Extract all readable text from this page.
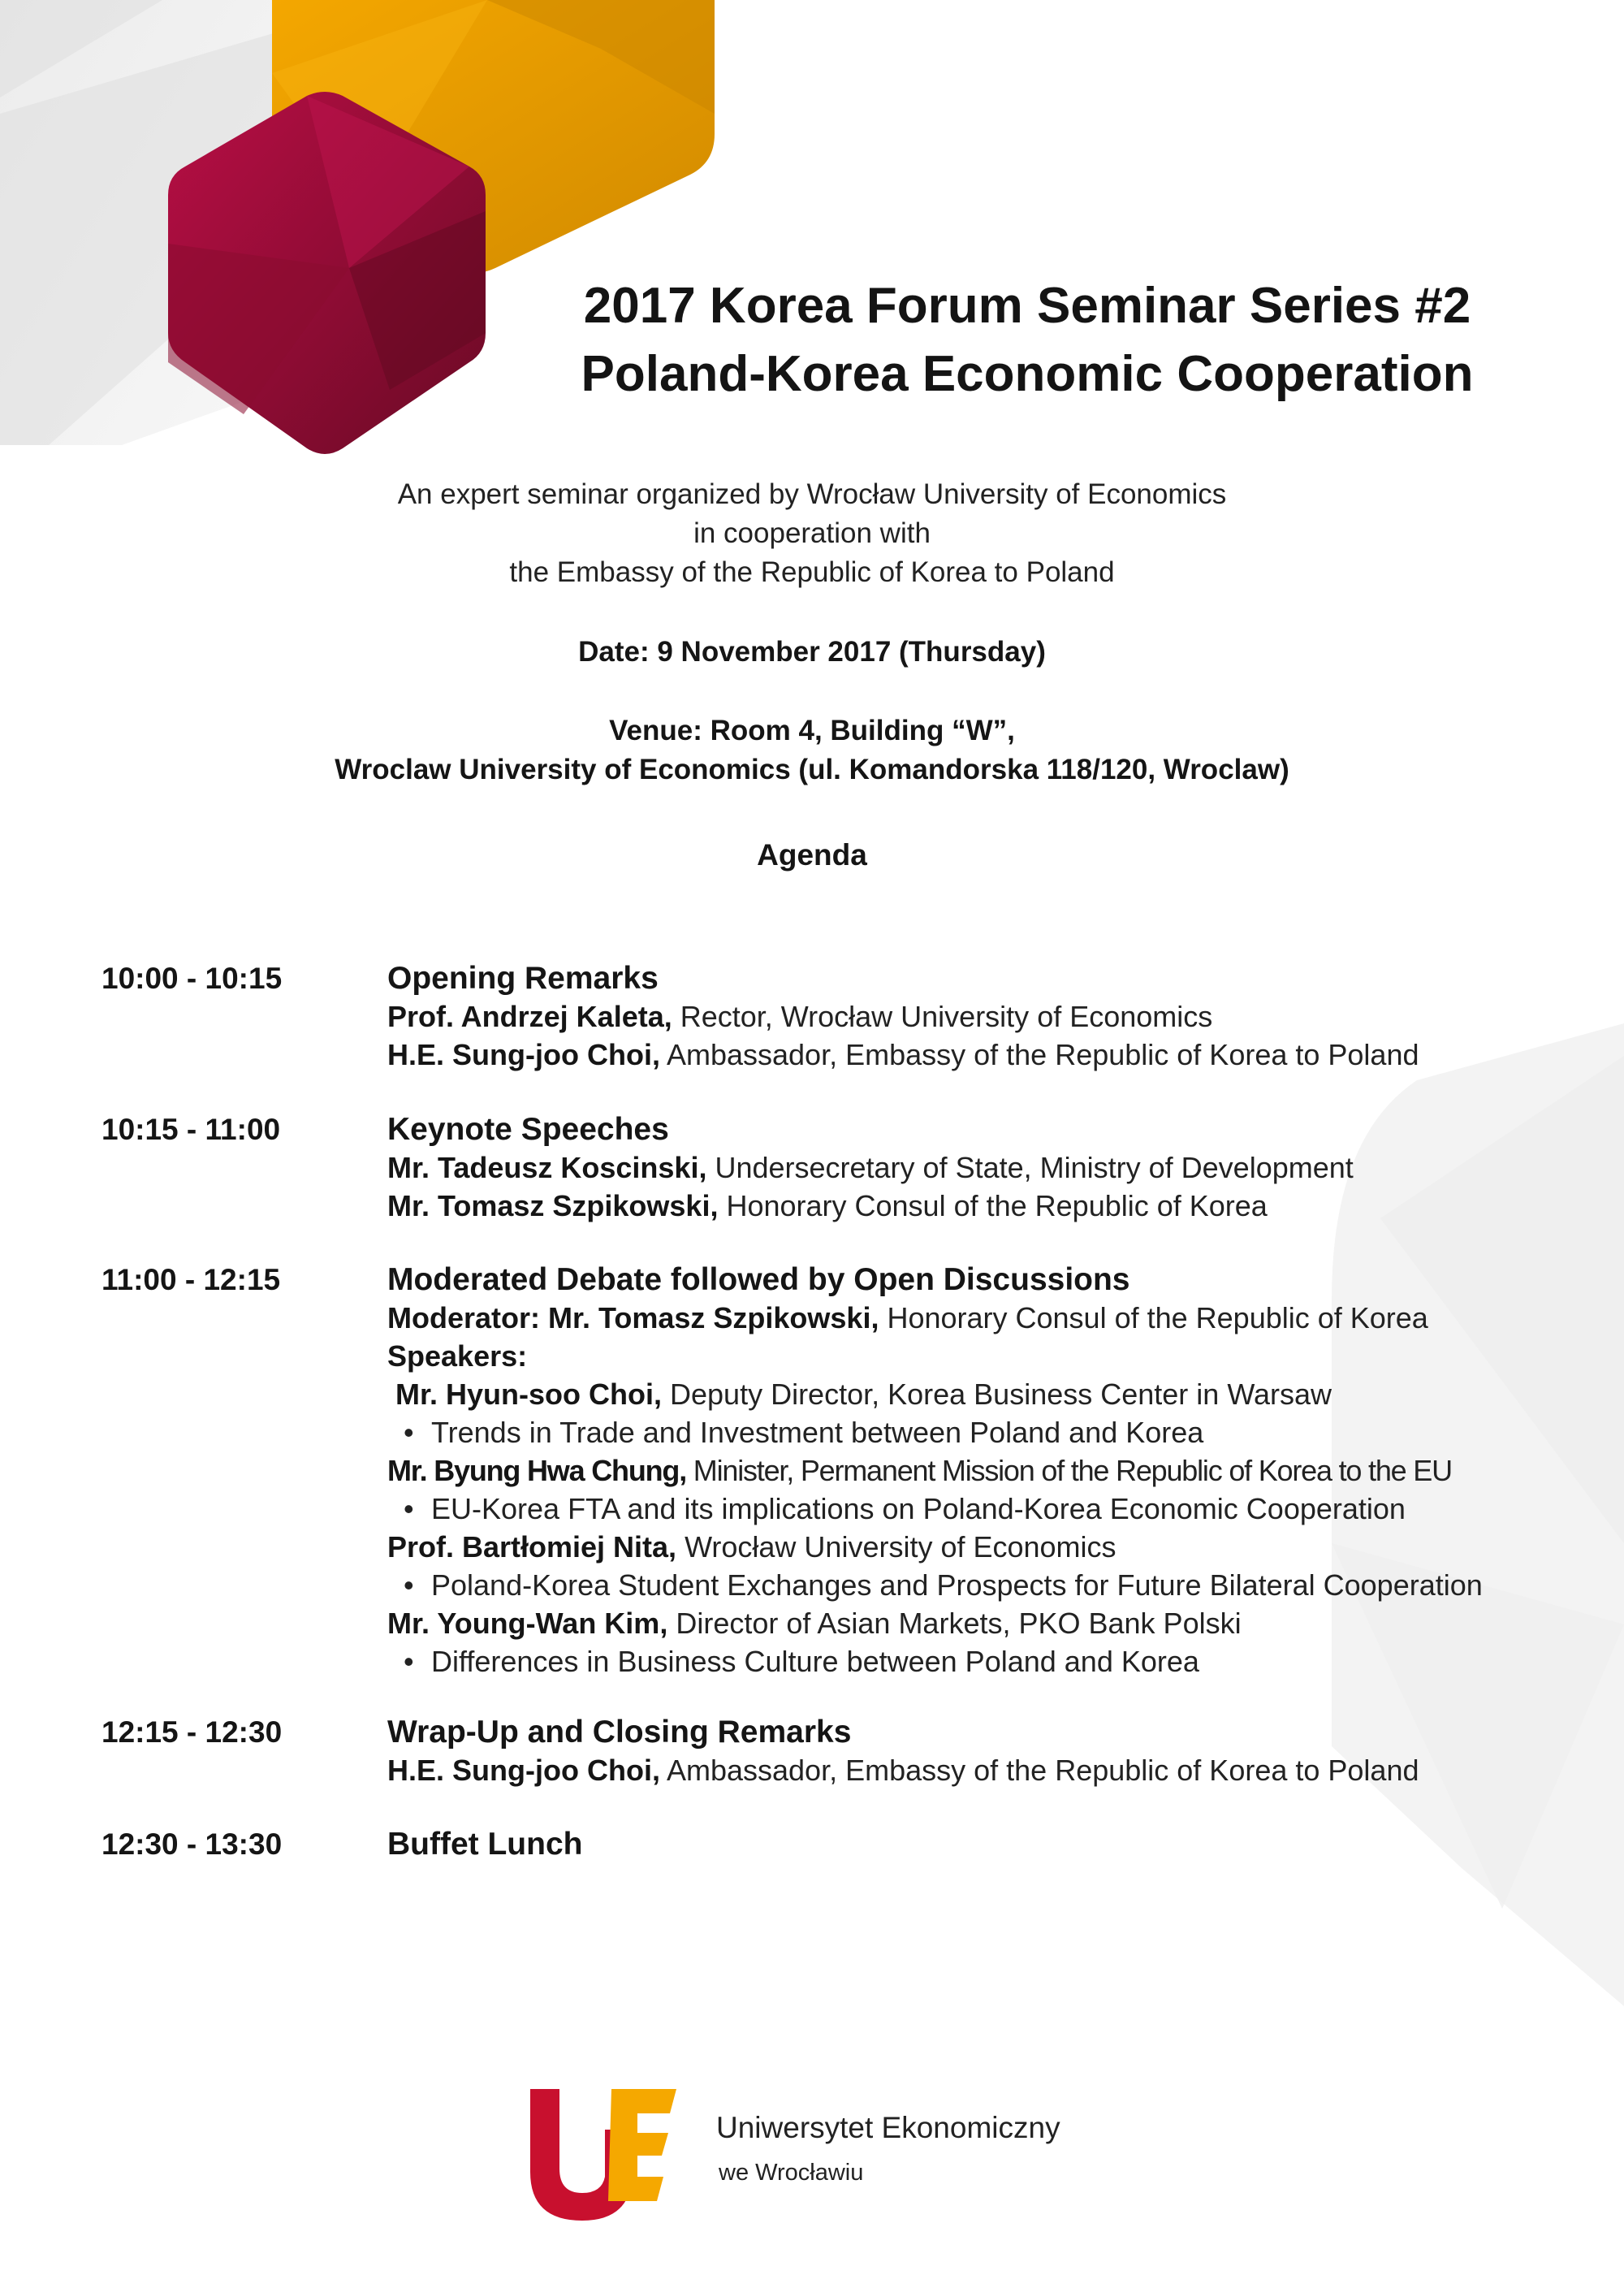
2017 Korea Forum Seminar Series #2
Poland-Korea Economic Cooperation
An expert seminar organized by Wrocław University of Economics
in cooperation with
the Embassy of the Republic of Korea to Poland
Date: 9 November 2017 (Thursday)
Venue: Room 4, Building “W”,
Wroclaw University of Economics (ul. Komandorska 118/120, Wroclaw)
Agenda
10:00 - 10:15	Opening Remarks
Prof. Andrzej Kaleta, Rector, Wrocław University of Economics
H.E. Sung-joo Choi, Ambassador, Embassy of the Republic of Korea to Poland
10:15 - 11:00	Keynote Speeches
Mr. Tadeusz Koscinski, Undersecretary of State, Ministry of Development
Mr. Tomasz Szpikowski, Honorary Consul of the Republic of Korea
11:00 - 12:15	Moderated Debate followed by Open Discussions
Moderator: Mr. Tomasz Szpikowski, Honorary Consul of the Republic of Korea
Speakers:
Mr. Hyun-soo Choi, Deputy Director, Korea Business Center in Warsaw
• Trends in Trade and Investment between Poland and Korea
Mr. Byung Hwa Chung, Minister, Permanent Mission of the Republic of Korea to the EU
• EU-Korea FTA and its implications on Poland-Korea Economic Cooperation
Prof. Bartłomiej Nita, Wrocław University of Economics
• Poland-Korea Student Exchanges and Prospects for Future Bilateral Cooperation
Mr. Young-Wan Kim, Director of Asian Markets, PKO Bank Polski
• Differences in Business Culture between Poland and Korea
12:15 - 12:30	Wrap-Up and Closing Remarks
H.E. Sung-joo Choi, Ambassador, Embassy of the Republic of Korea to Poland
12:30 - 13:30	Buffet Lunch
Uniwersytet Ekonomiczny
we Wrocławiu
